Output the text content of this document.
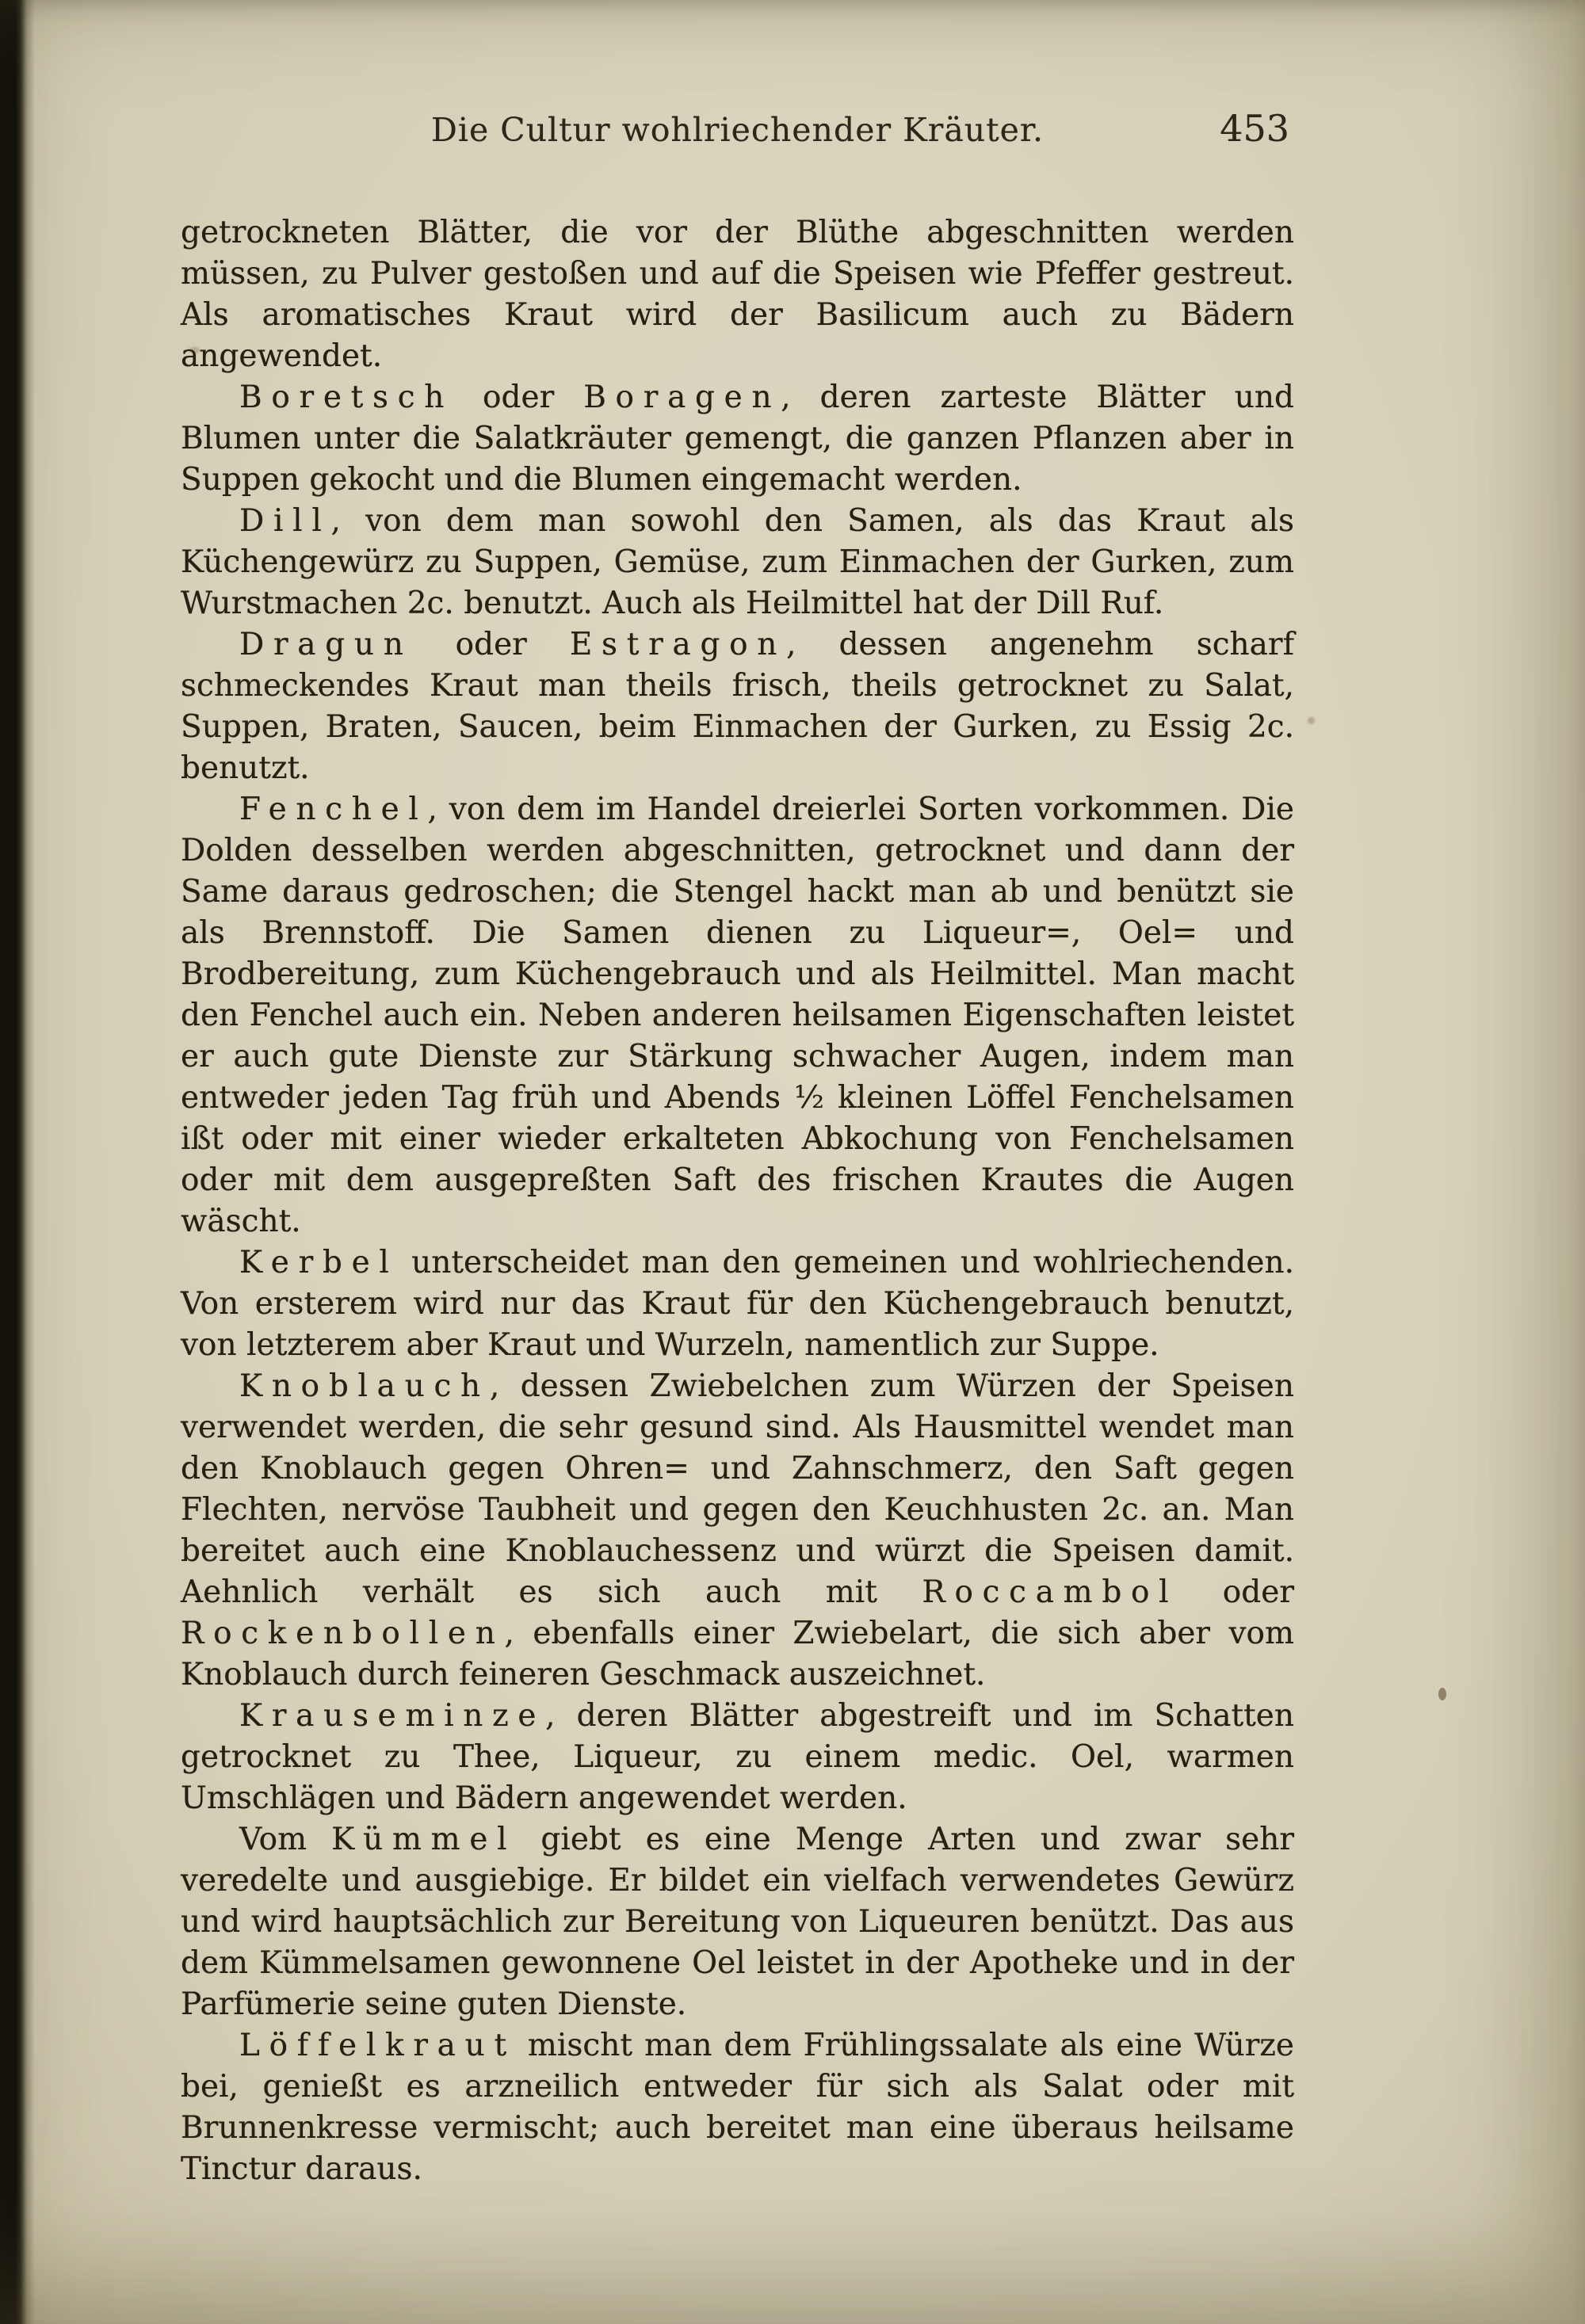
Die Cultur wohlriechender Kräuter.	453

getrockneten Blätter, die vor der Blüthe abgeschnitten werden müssen, zu Pulver gestoßen und auf die Speisen wie Pfeffer gestreut. Als aromatisches Kraut wird der Basilicum auch zu Bädern angewendet.

Boretsch oder Boragen, deren zarteste Blätter und Blumen unter die Salatkräuter gemengt, die ganzen Pflanzen aber in Suppen gekocht und die Blumen eingemacht werden.

Dill, von dem man sowohl den Samen, als das Kraut als Küchengewürz zu Suppen, Gemüse, zum Einmachen der Gurken, zum Wurstmachen 2c. benutzt. Auch als Heilmittel hat der Dill Ruf.

Dragun oder Estragon, dessen angenehm scharf schmeckendes Kraut man theils frisch, theils getrocknet zu Salat, Suppen, Braten, Saucen, beim Einmachen der Gurken, zu Essig 2c. benutzt.

Fenchel, von dem im Handel dreierlei Sorten vorkommen. Die Dolden desselben werden abgeschnitten, getrocknet und dann der Same daraus gedroschen; die Stengel hackt man ab und benützt sie als Brennstoff. Die Samen dienen zu Liqueur=, Oel= und Brodbereitung, zum Küchengebrauch und als Heilmittel. Man macht den Fenchel auch ein. Neben anderen heilsamen Eigenschaften leistet er auch gute Dienste zur Stärkung schwacher Augen, indem man entweder jeden Tag früh und Abends ½ kleinen Löffel Fenchelsamen ißt oder mit einer wieder erkalteten Abkochung von Fenchelsamen oder mit dem ausgepreßten Saft des frischen Krautes die Augen wäscht.

Kerbel unterscheidet man den gemeinen und wohlriechenden. Von ersterem wird nur das Kraut für den Küchengebrauch benutzt, von letzterem aber Kraut und Wurzeln, namentlich zur Suppe.

Knoblauch, dessen Zwiebelchen zum Würzen der Speisen verwendet werden, die sehr gesund sind. Als Hausmittel wendet man den Knoblauch gegen Ohren= und Zahnschmerz, den Saft gegen Flechten, nervöse Taubheit und gegen den Keuchhusten 2c. an. Man bereitet auch eine Knoblauchessenz und würzt die Speisen damit. Aehnlich verhält es sich auch mit Roccambol oder Rockenbollen, ebenfalls einer Zwiebelart, die sich aber vom Knoblauch durch feineren Geschmack auszeichnet.

Krauseminze, deren Blätter abgestreift und im Schatten getrocknet zu Thee, Liqueur, zu einem medic. Oel, warmen Umschlägen und Bädern angewendet werden.

Vom Kümmel giebt es eine Menge Arten und zwar sehr veredelte und ausgiebige. Er bildet ein vielfach verwendetes Gewürz und wird hauptsächlich zur Bereitung von Liqueuren benützt. Das aus dem Kümmelsamen gewonnene Oel leistet in der Apotheke und in der Parfümerie seine guten Dienste.

Löffelkraut mischt man dem Frühlingssalate als eine Würze bei, genießt es arzneilich entweder für sich als Salat oder mit Brunnenkresse vermischt; auch bereitet man eine überaus heilsame Tinctur daraus.
